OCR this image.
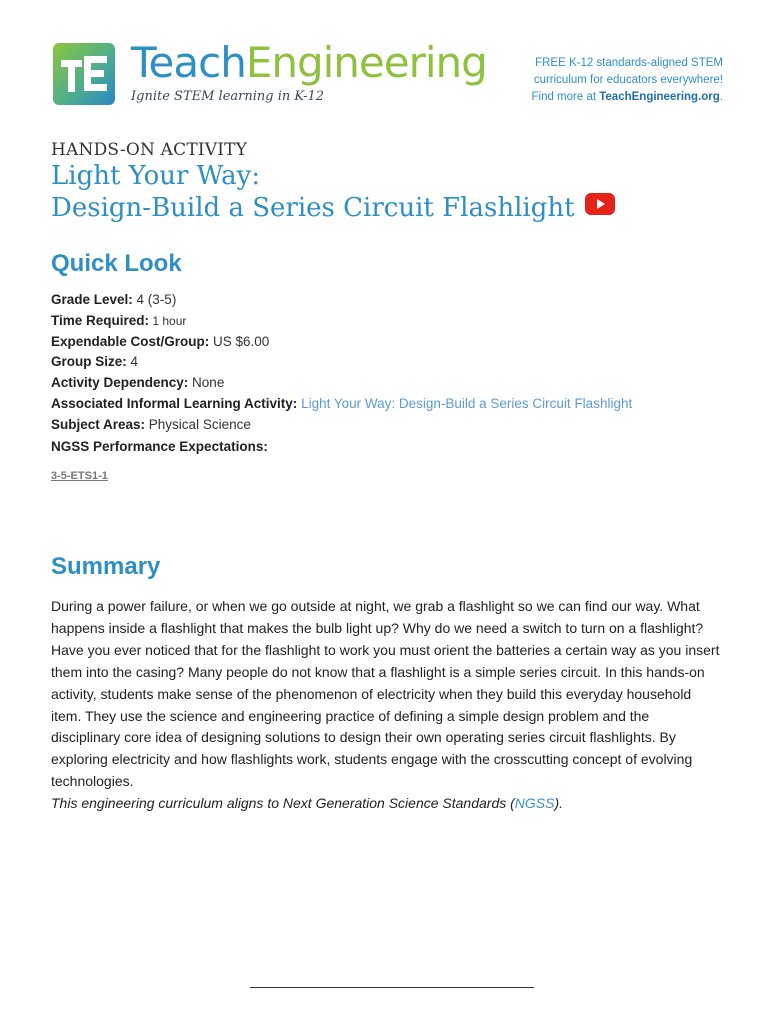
TeachEngineering
Ignite STEM learning in K-12
FREE K-12 standards-aligned STEM
curriculum for educators everywhere!
Find more at TeachEngineering.org.
HANDS-ON ACTIVITY
Light Your Way:
Design-Build a Series Circuit Flashlight
Quick Look
Grade Level: 4 (3-5)
Time Required: 1 hour
Expendable Cost/Group: US $6.00
Group Size: 4
Activity Dependency: None
Associated Informal Learning Activity: Light Your Way: Design-Build a Series Circuit Flashlight
Subject Areas: Physical Science
NGSS Performance Expectations:
3-5-ETS1-1
Summary
During a power failure, or when we go outside at night, we grab a flashlight so we can find our way. What happens inside a flashlight that makes the bulb light up? Why do we need a switch to turn on a flashlight? Have you ever noticed that for the flashlight to work you must orient the batteries a certain way as you insert them into the casing? Many people do not know that a flashlight is a simple series circuit. In this hands-on activity, students make sense of the phenomenon of electricity when they build this everyday household item. They use the science and engineering practice of defining a simple design problem and the disciplinary core idea of designing solutions to design their own operating series circuit flashlights. By exploring electricity and how flashlights work, students engage with the crosscutting concept of evolving technologies.
This engineering curriculum aligns to Next Generation Science Standards (NGSS).
